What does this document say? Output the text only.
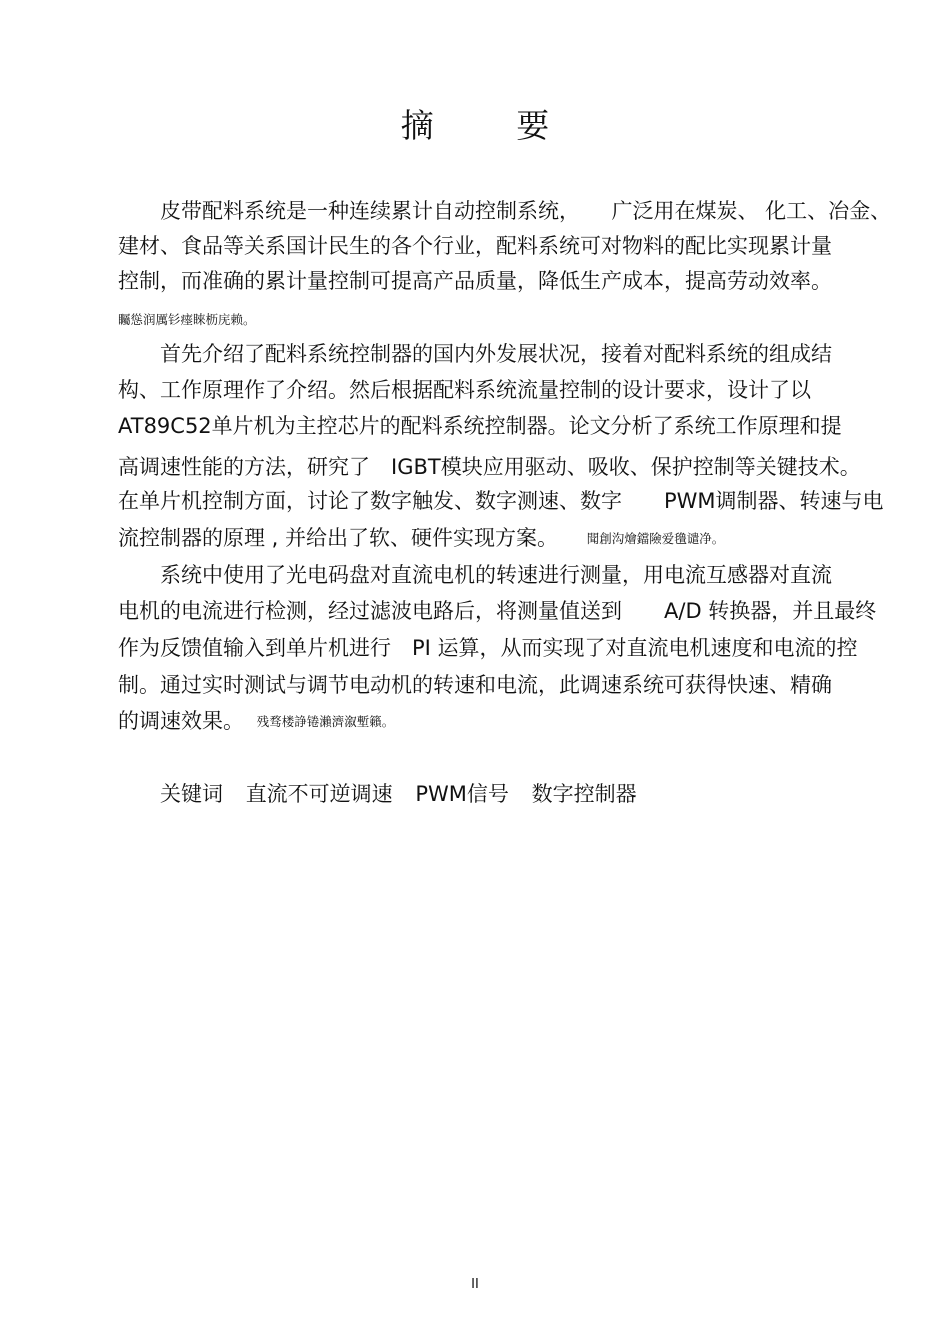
摘 要
皮带配料系统是一种连续累计自动控制系统，　　广泛用在煤炭、 化工、冶金、
建材、食品等关系国计民生的各个行业，配料系统可对物料的配比实现累计量
控制，而准确的累计量控制可提高产品质量，降低生产成本，提高劳动效率。
矚慫润厲钐瘗睞枥庑赖。
首先介绍了配料系统控制器的国内外发展状况，接着对配料系统的组成结
构、工作原理作了介绍。然后根据配料系统流量控制的设计要求，设计了以
AT89C52单片机为主控芯片的配料系统控制器。论文分析了系统工作原理和提
高调速性能的方法，研究了　IGBT模块应用驱动、吸收、保护控制等关键技术。
在单片机控制方面，讨论了数字触发、数字测速、数字　　PWM调制器、转速与电
流控制器的原理 , 并给出了软、硬件实现方案。 聞創沟燴鐺險爱氇谴净。
系统中使用了光电码盘对直流电机的转速进行测量，用电流互感器对直流
电机的电流进行检测，经过滤波电路后，将测量值送到　　A/D 转换器，并且最终
作为反馈值输入到单片机进行　PI 运算，从而实现了对直流电机速度和电流的控
制。通过实时测试与调节电动机的转速和电流，此调速系统可获得快速、精确
的调速效果。 残骛楼諍锩瀨濟溆塹籟。
关键词 直流不可逆调速 PWM信号 数字控制器
II
